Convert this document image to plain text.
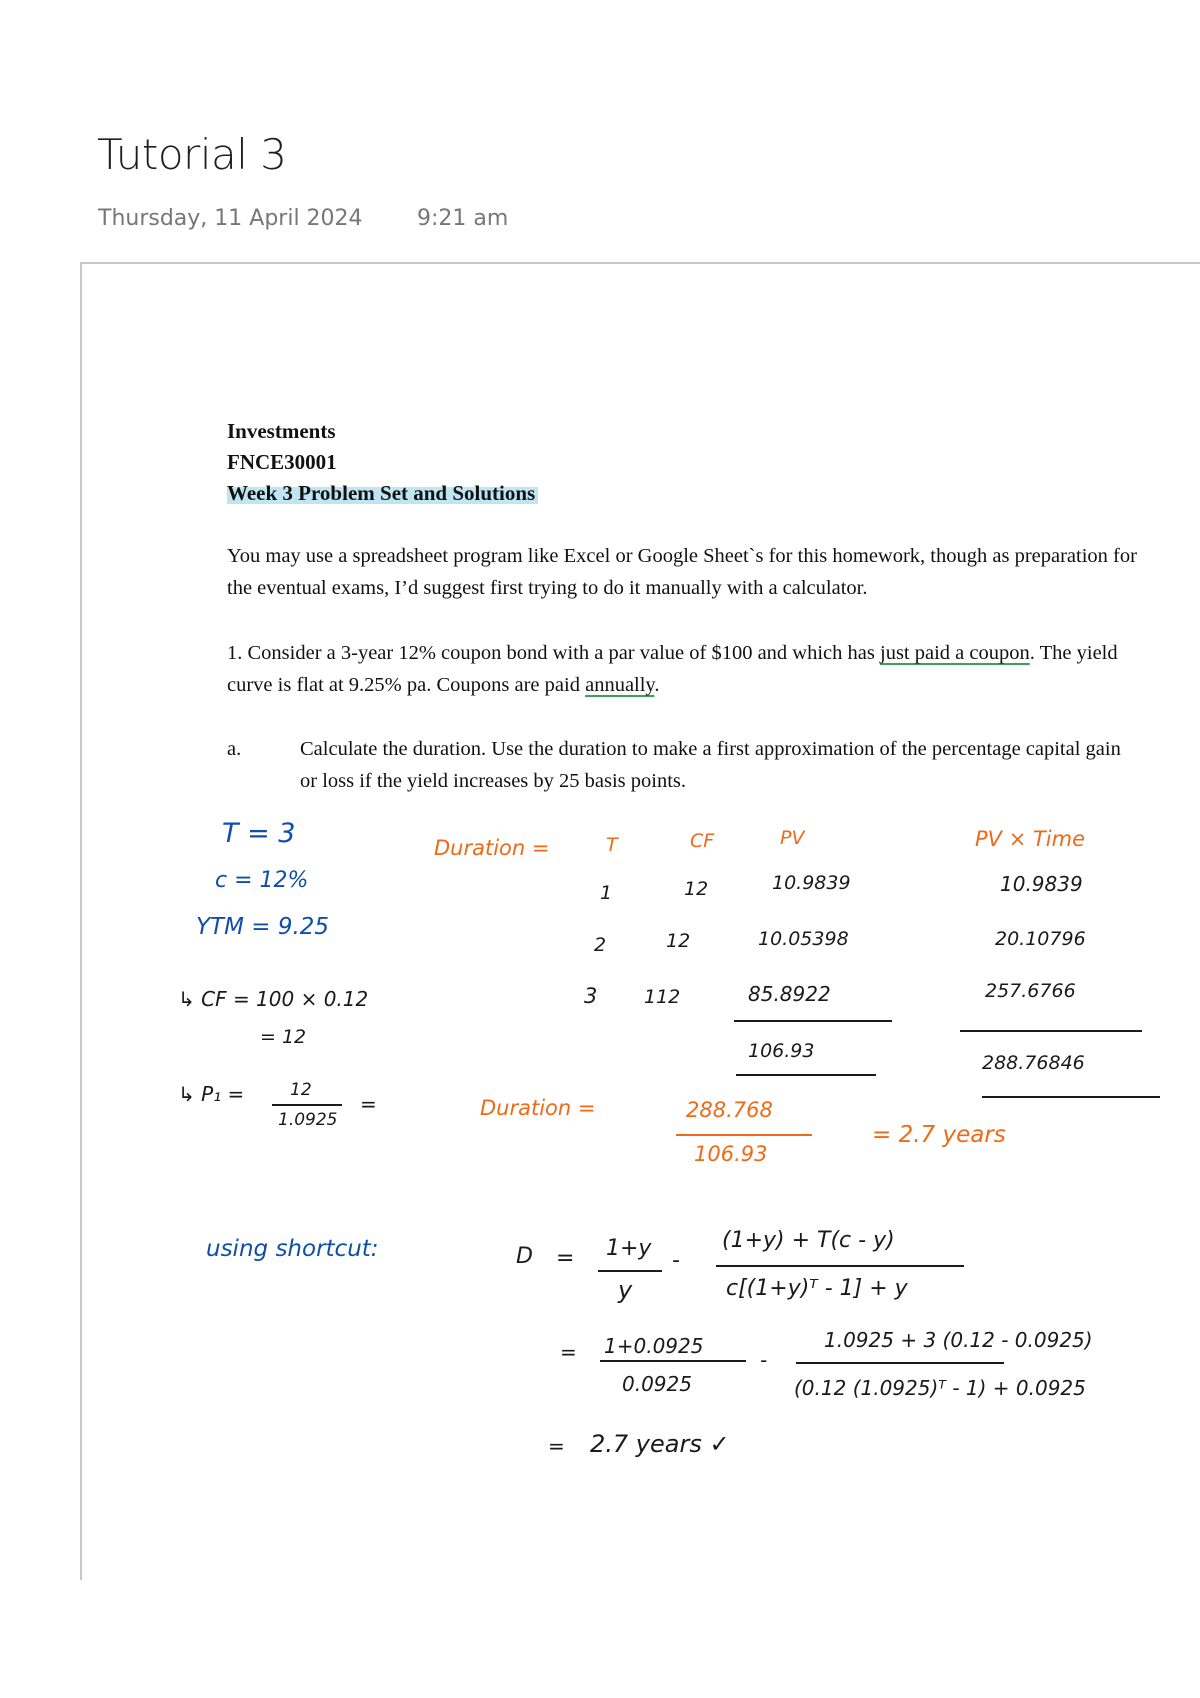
Tutorial 3
Thursday, 11 April 2024 9:21 am
Investments
FNCE30001
Week 3 Problem Set and Solutions
You may use a spreadsheet program like Excel or Google Sheet`s for this homework, though as preparation for the eventual exams, I’d suggest first trying to do it manually with a calculator.
1. Consider a 3-year 12% coupon bond with a par value of $100 and which has just paid a coupon. The yield curve is flat at 9.25% pa. Coupons are paid annually.
a.	Calculate the duration. Use the duration to make a first approximation of the percentage capital gain or loss if the yield increases by 25 basis points.
T = 3
c = 12%
YTM = 9.25
↳ CF = 100 × 0.12
= 12
↳ P₁ =	12
1.0925
=
Duration =	T	CF	PV	PV × Time
1	12	10.9839	10.9839
2	12	10.05398	20.10796
3 112	85.8922	257.6766
106.93
288.76846
Duration =	288.768
106.93
= 2.7 years
using shortcut:	D = 1+y
y
-
(1+y) + T(c - y)
c[(1+y)ᵀ - 1] + y
= 1+0.0925
0.0925
-
1.0925 + 3 (0.12 - 0.0925)
(0.12 (1.0925)ᵀ - 1) + 0.0925
= 2.7 years ✓
